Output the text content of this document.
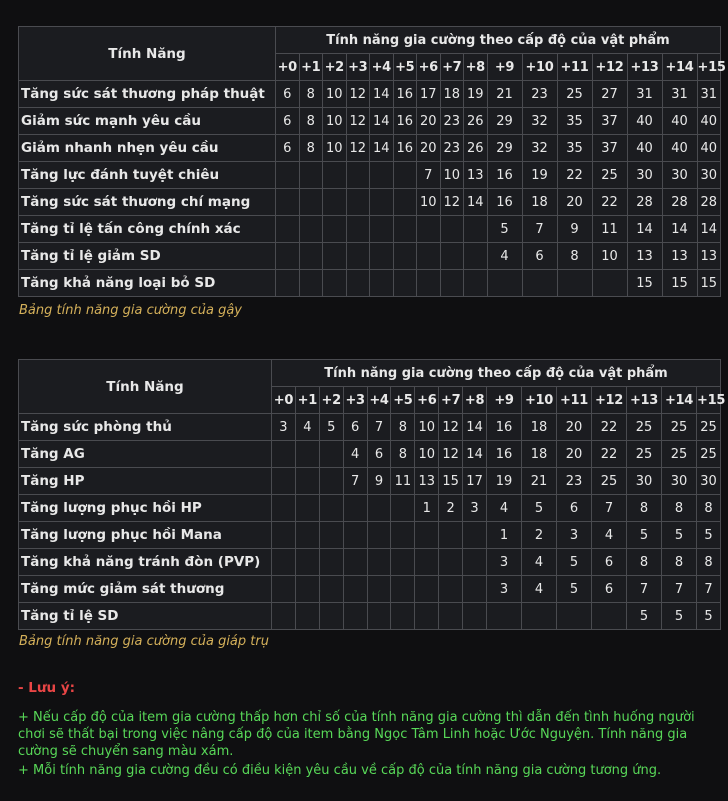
Tính Năng	Tính năng gia cường theo cấp độ của vật phẩm															
	+0	+1	+2	+3	+4	+5	+6	+7	+8	+9	+10	+11	+12	+13	+14	+15
Tăng sức sát thương pháp thuật	6	8	10	12	14	16	17	18	19	21	23	25	27	31	31	31
Giảm sức mạnh yêu cầu	6	8	10	12	14	16	20	23	26	29	32	35	37	40	40	40
Giảm nhanh nhẹn yêu cầu	6	8	10	12	14	16	20	23	26	29	32	35	37	40	40	40
Tăng lực đánh tuyệt chiêu							7	10	13	16	19	22	25	30	30	30
Tăng sức sát thương chí mạng							10	12	14	16	18	20	22	28	28	28
Tăng tỉ lệ tấn công chính xác										5	7	9	11	14	14	14
Tăng tỉ lệ giảm SD										4	6	8	10	13	13	13
Tăng khả năng loại bỏ SD														15	15	15
Bảng tính năng gia cường của gậy
Tính Năng	Tính năng gia cường theo cấp độ của vật phẩm															
	+0	+1	+2	+3	+4	+5	+6	+7	+8	+9	+10	+11	+12	+13	+14	+15
Tăng sức phòng thủ	3	4	5	6	7	8	10	12	14	16	18	20	22	25	25	25
Tăng AG				4	6	8	10	12	14	16	18	20	22	25	25	25
Tăng HP				7	9	11	13	15	17	19	21	23	25	30	30	30
Tăng lượng phục hồi HP							1	2	3	4	5	6	7	8	8	8
Tăng lượng phục hồi Mana										1	2	3	4	5	5	5
Tăng khả năng tránh đòn (PVP)										3	4	5	6	8	8	8
Tăng mức giảm sát thương										3	4	5	6	7	7	7
Tăng tỉ lệ SD														5	5	5
Bảng tính năng gia cường của giáp trụ
- Lưu ý:
+ Nếu cấp độ của item gia cường thấp hơn chỉ số của tính năng gia cường thì dẫn đến tình huống người chơi sẽ thất bại trong việc nâng cấp độ của item bằng Ngọc Tâm Linh hoặc Ước Nguyện. Tính năng gia cường sẽ chuyển sang màu xám.
+ Mỗi tính năng gia cường đều có điều kiện yêu cầu về cấp độ của tính năng gia cường tương ứng.
